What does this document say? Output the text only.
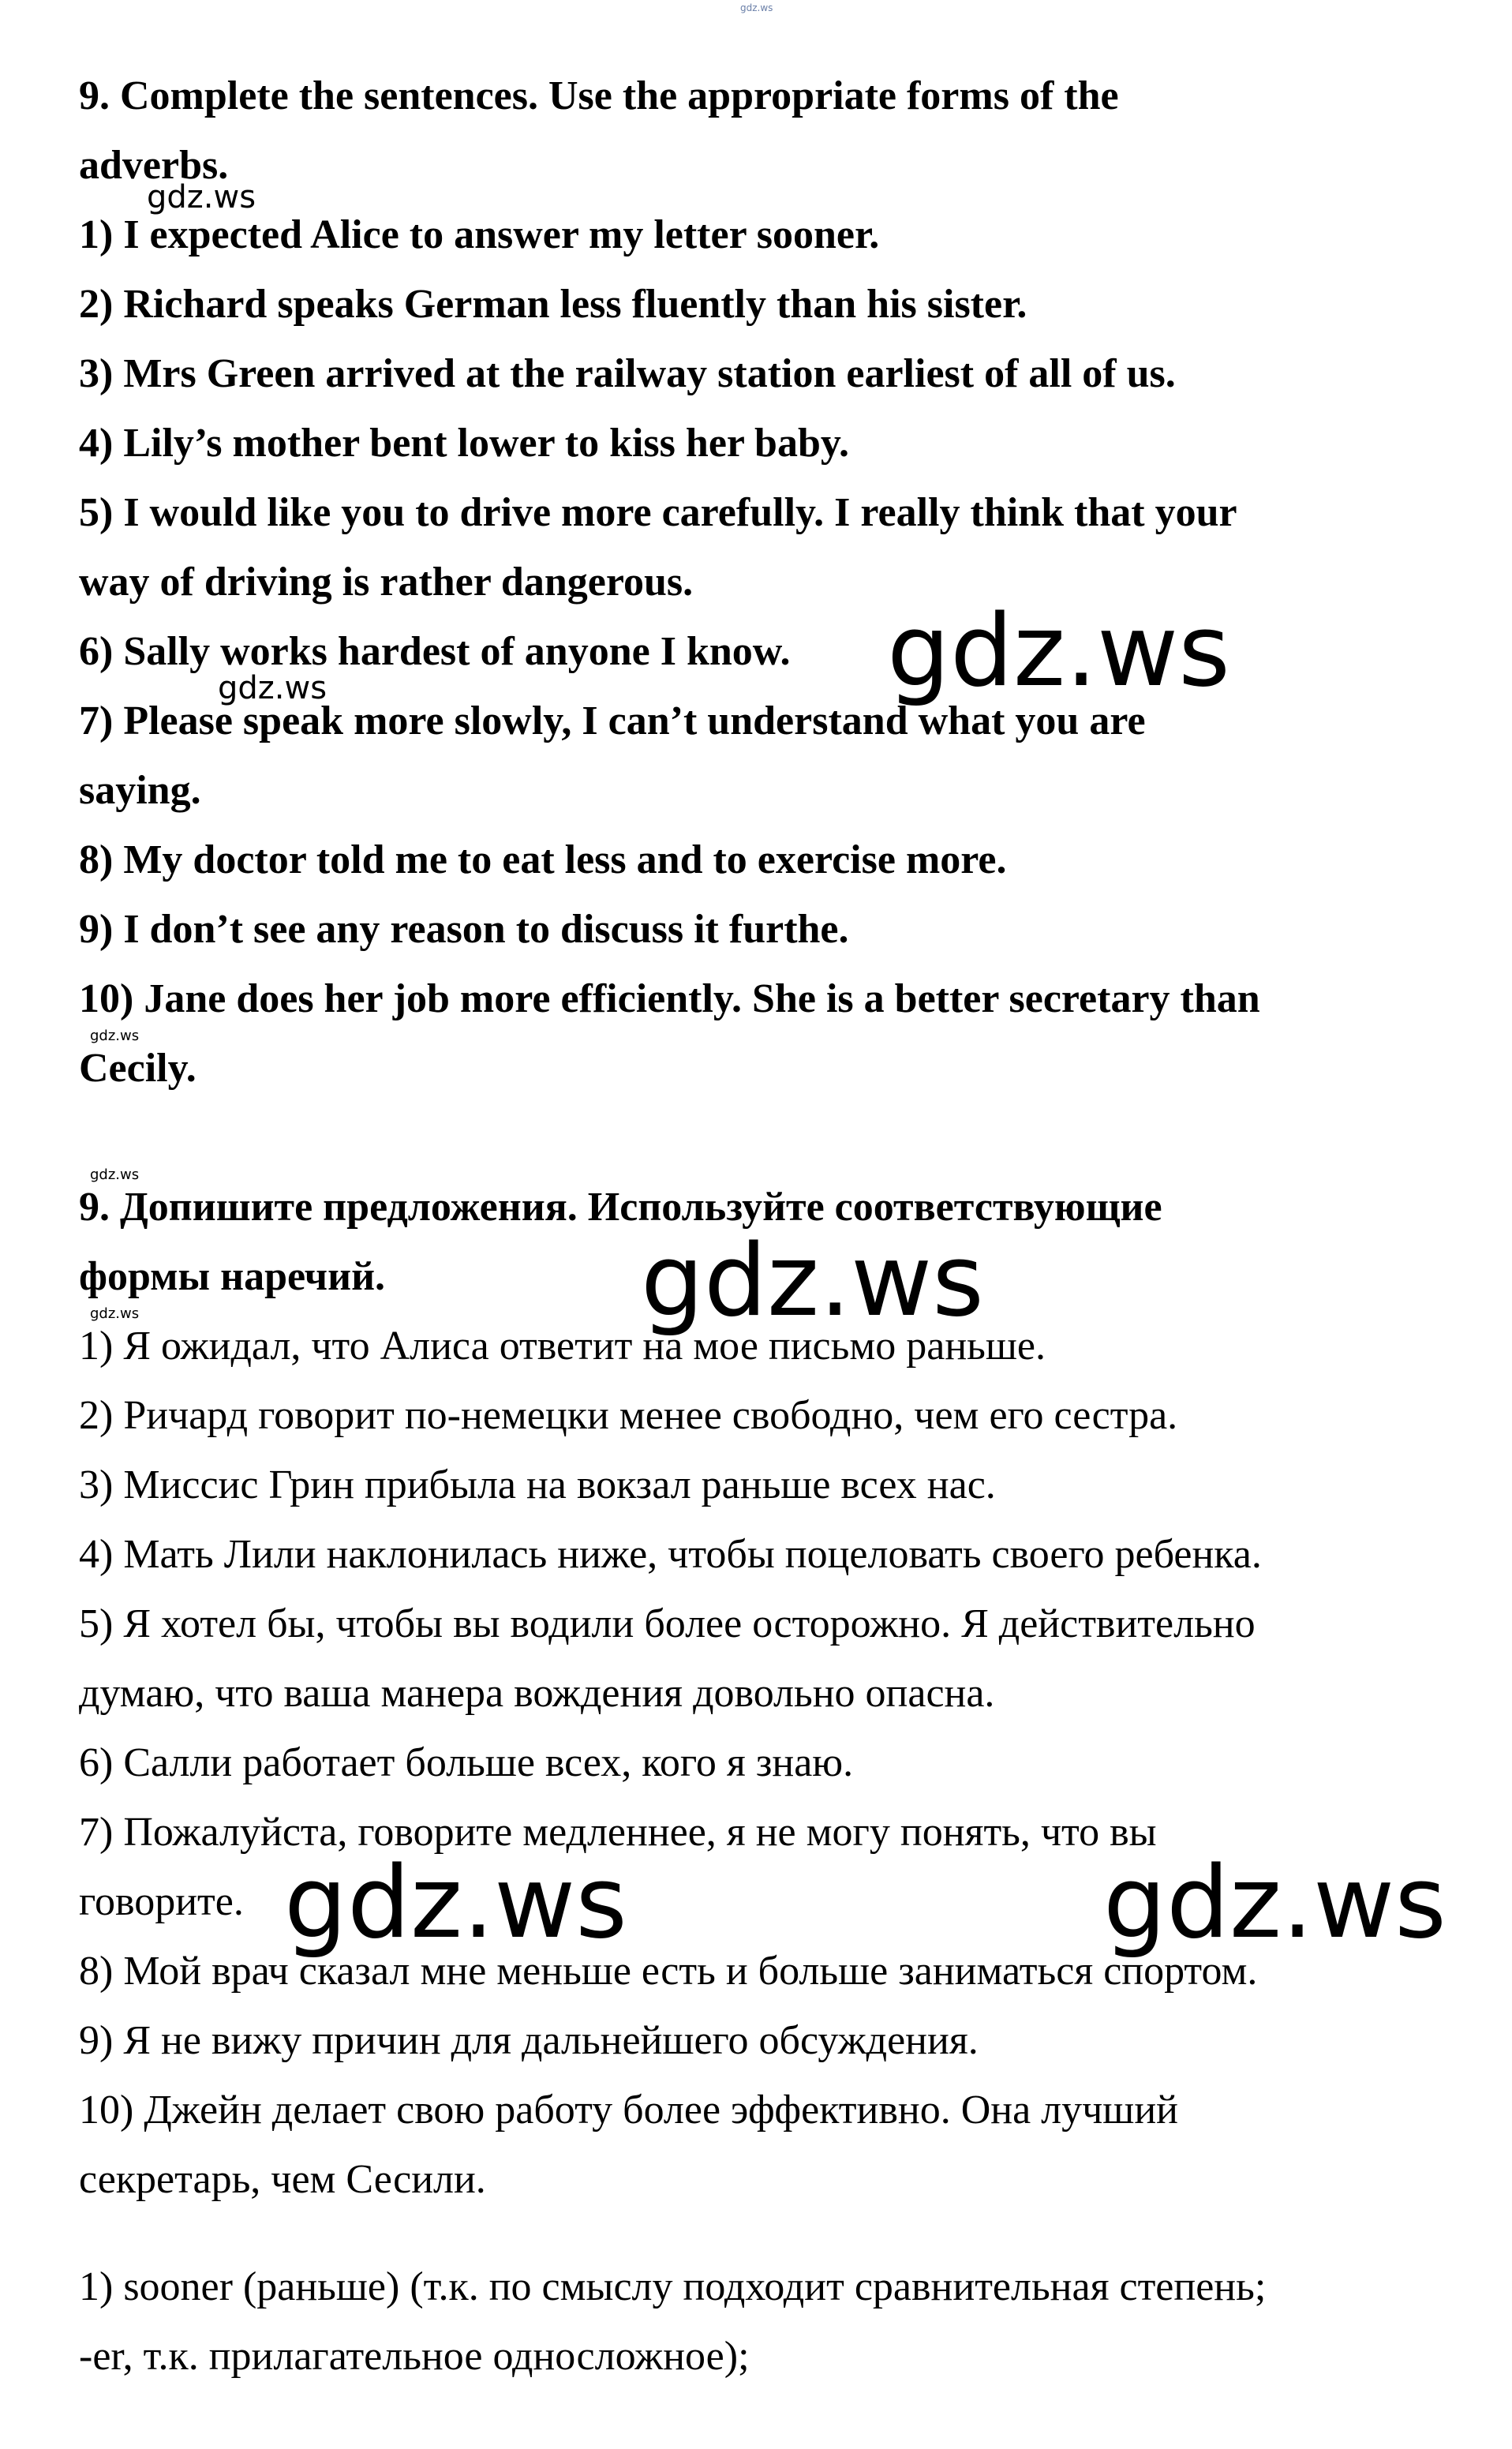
gdz.ws
gdz.ws
gdz.ws
gdz.ws
gdz.ws
gdz.ws
gdz.ws
gdz.ws
gdz.ws	gdz.ws
9. Complete the sentences. Use the appropriate forms of the
adverbs.
1) I expected Alice to answer my letter sooner.
2) Richard speaks German less fluently than his sister.
3) Mrs Green arrived at the railway station earliest of all of us.
4) Lily’s mother bent lower to kiss her baby.
5) I would like you to drive more carefully. I really think that your
way of driving is rather dangerous.
6) Sally works hardest of anyone I know.
7) Please speak more slowly, I can’t understand what you are
saying.
8) My doctor told me to eat less and to exercise more.
9) I don’t see any reason to discuss it furthe.
10) Jane does her job more efficiently. She is a better secretary than
Cecily.
9. Допишите предложения. Используйте соответствующие
формы наречий.
1) Я ожидал, что Алиса ответит на мое письмо раньше.
2) Ричард говорит по-немецки менее свободно, чем его сестра.
3) Миссис Грин прибыла на вокзал раньше всех нас.
4) Мать Лили наклонилась ниже, чтобы поцеловать своего ребенка.
5) Я хотел бы, чтобы вы водили более осторожно. Я действительно
думаю, что ваша манера вождения довольно опасна.
6) Салли работает больше всех, кого я знаю.
7) Пожалуйста, говорите медленнее, я не могу понять, что вы
говорите.
8) Мой врач сказал мне меньше есть и больше заниматься спортом.
9) Я не вижу причин для дальнейшего обсуждения.
10) Джейн делает свою работу более эффективно. Она лучший
секретарь, чем Сесили.
1) sooner (раньше) (т.к. по смыслу подходит сравнительная степень;
-er, т.к. прилагательное односложное);
